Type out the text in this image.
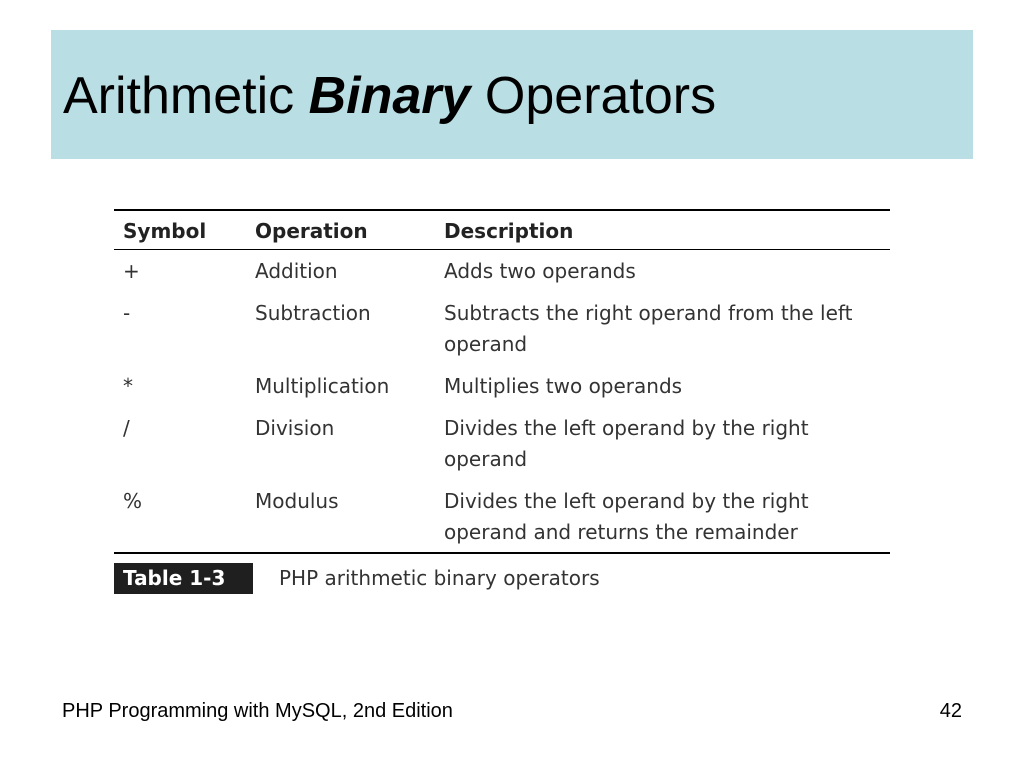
Arithmetic Binary Operators
Symbol	Operation	Description
+	Addition	Adds two operands
-	Subtraction	Subtracts the right operand from the left operand
*	Multiplication	Multiplies two operands
/	Division	Divides the left operand by the right operand
%	Modulus	Divides the left operand by the right operand and returns the remainder
Table 1-3	PHP arithmetic binary operators
PHP Programming with MySQL, 2nd Edition	42
